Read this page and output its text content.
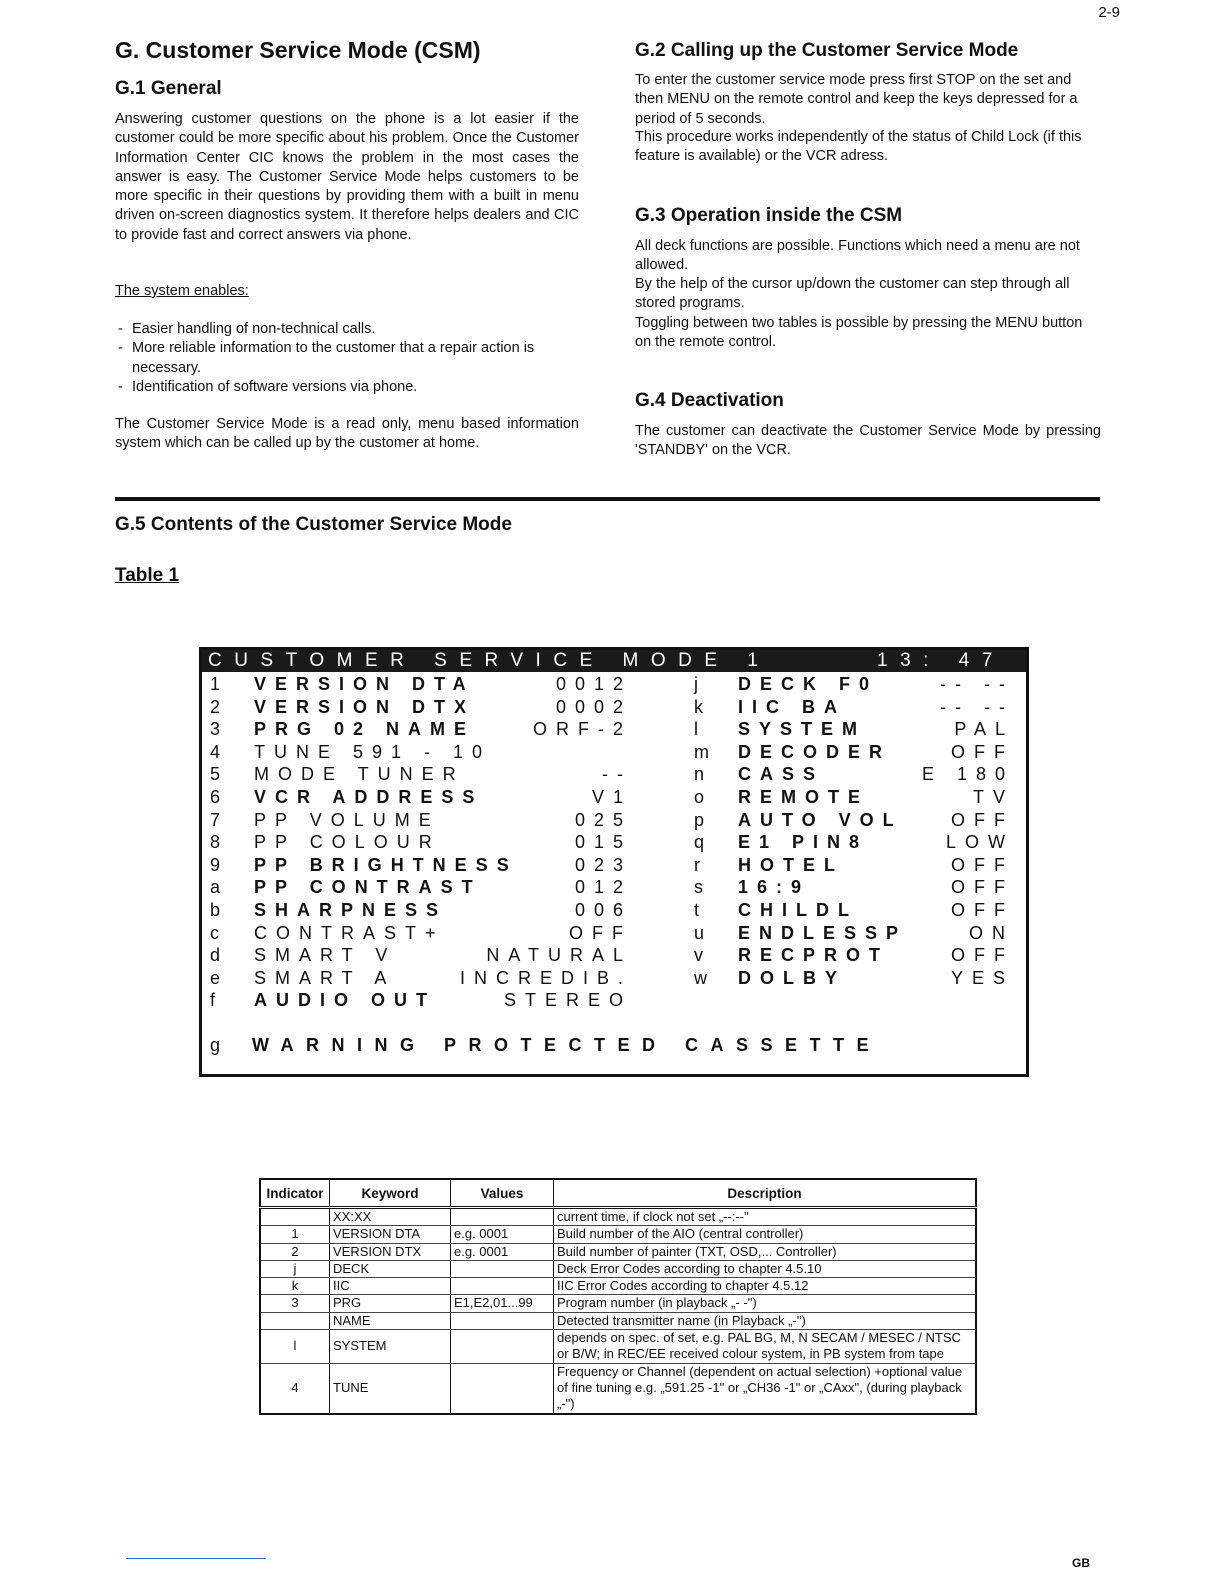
2-9
G. Customer Service Mode (CSM)
G.1 General

Answering customer questions on the phone is a lot easier if the customer could be more specific about his problem. Once the Customer Information Center CIC knows the problem in the most cases the answer is easy. The Customer Service Mode helps customers to be more specific in their questions by providing them with a built in menu driven on-screen diagnostics system. It therefore helps dealers and CIC to provide fast and correct answers via phone.

The system enables:

- Easier handling of non-technical calls.
- More reliable information to the customer that a repair action is necessary.
- Identification of software versions via phone.

The Customer Service Mode is a read only, menu based information system which can be called up by the customer at home.

G.2 Calling up the Customer Service Mode

To enter the customer service mode press first STOP on the set and then MENU on the remote control and keep the keys depressed for a period of 5 seconds.

This procedure works independently of the status of Child Lock (if this feature is available) or the VCR adress.

G.3 Operation inside the CSM

All deck functions are possible. Functions which need a menu are not allowed.

By the help of the cursor up/down the customer can step through all stored programs.

Toggling between two tables is possible by pressing the MENU button on the remote control.

G.4 Deactivation

The customer can deactivate the Customer Service Mode by pressing 'STANDBY' on the VCR.

G.5 Contents of the Customer Service Mode
Table 1
CUSTOMER SERVICE MODE 1	13: 47
1	VERSION DTA	0012	j DECK F0	-- --
2	VERSION DTX	0002	k IIC BA	-- --
3	PRG 02 NAME	ORF-2	l SYSTEM	PAL
4	TUNE 591 - 10	m DECODER	OFF
5	MODE TUNER	--	n CASS	E 180
6	VCR ADDRESS	V1	o REMOTE	TV
7	PP VOLUME	025	p AUTO VOL	OFF
8	PP COLOUR	015	q E1 PIN8	LOW
9	PP BRIGHTNESS	023	r HOTEL	OFF
a	PP CONTRAST	012	s 16:9	OFF
b	SHARPNESS	006	t CHILDL	OFF
c	CONTRAST+	OFF	u ENDLESSP	ON
d	SMART V	NATURAL	v RECPROT	OFF
e	SMART A	INCREDIB.	w DOLBY	YES
f	AUDIO OUT	STEREO

g

	WARNING PROTECTED CASSETTE

Indicator	Keyword	Values	Description
	XX:XX		current time, if clock not set „--:--"
1	VERSION DTA	e.g. 0001	Build number of the AIO (central controller)
2	VERSION DTX	e.g. 0001	Build number of painter (TXT, OSD,... Controller)
j	DECK		Deck Error Codes according to chapter 4.5.10
k	IIC		IIC Error Codes according to chapter 4.5.12
3	PRG	E1,E2,01...99	Program number (in playback „- -")
	NAME		Detected transmitter name (in Playback „-")
l	SYSTEM		depends on spec. of set, e.g. PAL BG, M, N SECAM / MESEC / NTSC or B/W; in REC/EE received colour system, in PB system from tape
4	TUNE		Frequency or Channel (dependent on actual selection) +optional value of fine tuning e.g. „591.25 -1" or „CH36 -1" or „CAxx", (during playback „-")
GB
